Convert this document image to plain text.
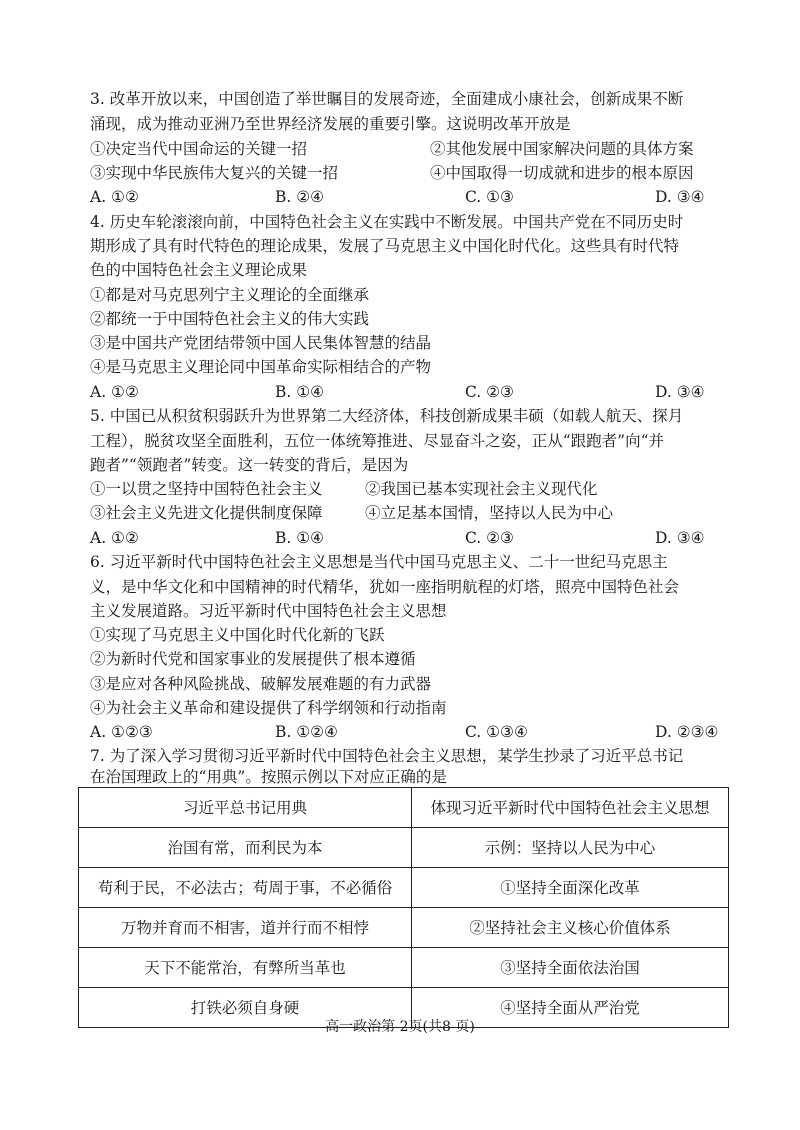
3. 改革开放以来，中国创造了举世瞩目的发展奇迹，全面建成小康社会，创新成果不断
涌现，成为推动亚洲乃至世界经济发展的重要引擎。这说明改革开放是
①决定当代中国命运的关键一招	②其他发展中国家解决问题的具体方案
③实现中华民族伟大复兴的关键一招	④中国取得一切成就和进步的根本原因
A. ①②	B. ②④	C. ①③	D. ③④
4. 历史车轮滚滚向前，中国特色社会主义在实践中不断发展。中国共产党在不同历史时
期形成了具有时代特色的理论成果，发展了马克思主义中国化时代化。这些具有时代特
色的中国特色社会主义理论成果
①都是对马克思列宁主义理论的全面继承
②都统一于中国特色社会主义的伟大实践
③是中国共产党团结带领中国人民集体智慧的结晶
④是马克思主义理论同中国革命实际相结合的产物
A. ①②	B. ①④	C. ②③	D. ③④
5. 中国已从积贫积弱跃升为世界第二大经济体，科技创新成果丰硕（如载人航天、探月
工程），脱贫攻坚全面胜利，五位一体统筹推进、尽显奋斗之姿，正从“跟跑者”向“并
跑者”“领跑者”转变。这一转变的背后，是因为
①一以贯之坚持中国特色社会主义	②我国已基本实现社会主义现代化
③社会主义先进文化提供制度保障	④立足基本国情，坚持以人民为中心
A. ①②	B. ①④	C. ②③	D. ③④
6. 习近平新时代中国特色社会主义思想是当代中国马克思主义、二十一世纪马克思主
义，是中华文化和中国精神的时代精华，犹如一座指明航程的灯塔，照亮中国特色社会
主义发展道路。习近平新时代中国特色社会主义思想
①实现了马克思主义中国化时代化新的飞跃
②为新时代党和国家事业的发展提供了根本遵循
③是应对各种风险挑战、破解发展难题的有力武器
④为社会主义革命和建设提供了科学纲领和行动指南
A. ①②③	B. ①②④	C. ①③④	D. ②③④
7. 为了深入学习贯彻习近平新时代中国特色社会主义思想，某学生抄录了习近平总书记
在治国理政上的“用典”。按照示例以下对应正确的是
习近平总书记用典	体现习近平新时代中国特色社会主义思想
治国有常，而利民为本	示例：坚持以人民为中心
苟利于民，不必法古；苟周于事，不必循俗	①坚持全面深化改革
万物并育而不相害，道并行而不相悖	②坚持社会主义核心价值体系
天下不能常治，有弊所当革也	③坚持全面依法治国
打铁必须自身硬	④坚持全面从严治党
高一政治第 2页(共8 页)
